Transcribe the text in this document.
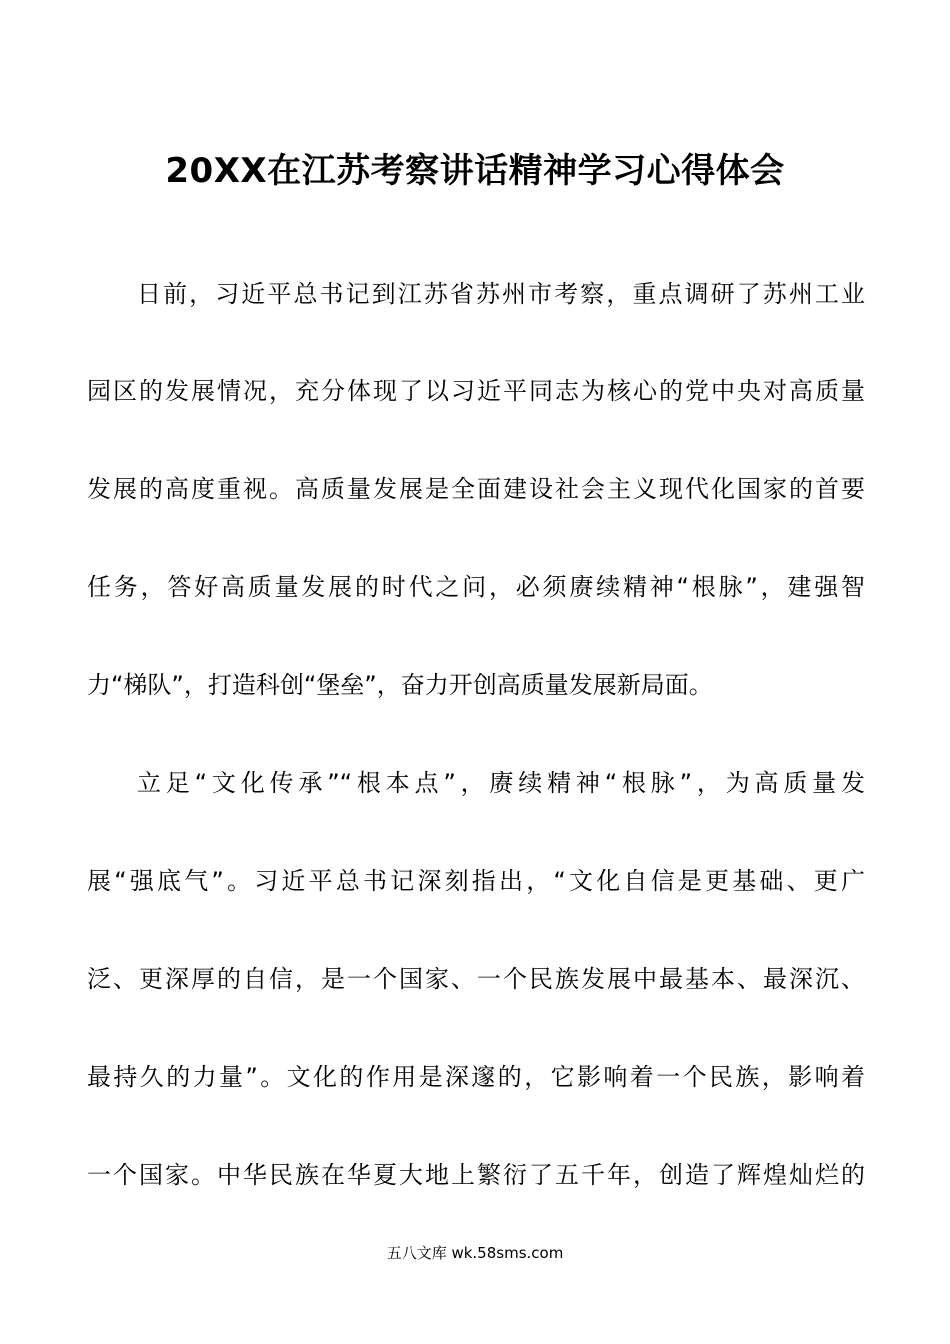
20XX在江苏考察讲话精神学习心得体会
日前，习近平总书记到江苏省苏州市考察，重点调研了苏州工业
园区的发展情况，充分体现了以习近平同志为核心的党中央对高质量
发展的高度重视。高质量发展是全面建设社会主义现代化国家的首要
任务，答好高质量发展的时代之问，必须赓续精神“根脉”，建强智
力“梯队”，打造科创“堡垒”，奋力开创高质量发展新局面。
立足“文化传承”“根本点”，赓续精神“根脉”，为高质量发
展“强底气”。习近平总书记深刻指出，“文化自信是更基础、更广
泛、更深厚的自信，是一个国家、一个民族发展中最基本、最深沉、
最持久的力量”。文化的作用是深邃的，它影响着一个民族，影响着
一个国家。中华民族在华夏大地上繁衍了五千年，创造了辉煌灿烂的
五八文库 wk.58sms.com
